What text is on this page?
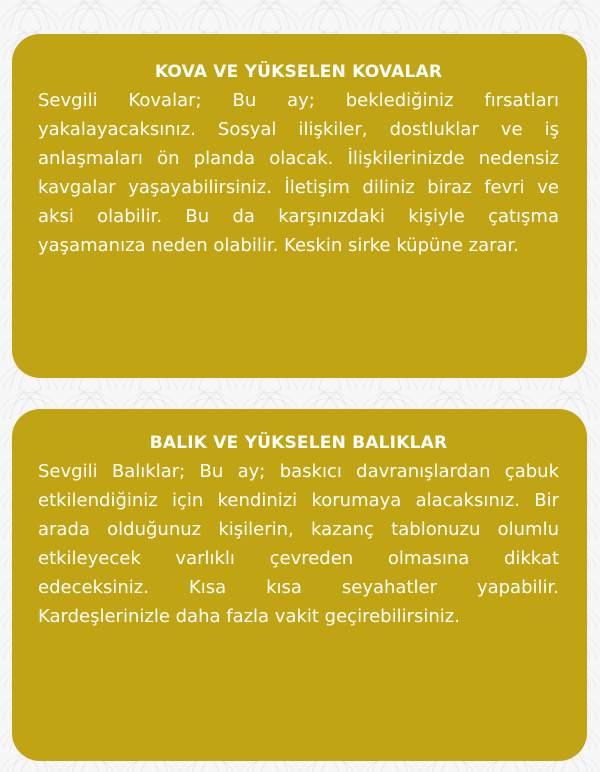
KOVA VE YÜKSELEN KOVALAR

Sevgili Kovalar; Bu ay; beklediğiniz fırsatları yakalayacaksınız. Sosyal ilişkiler, dostluklar ve iş anlaşmaları ön planda olacak. İlişkilerinizde nedensiz kavgalar yaşayabilirsiniz. İletişim diliniz biraz fevri ve aksi olabilir. Bu da karşınızdaki kişiyle çatışma yaşamanıza neden olabilir. Keskin sirke küpüne zarar.

BALIK VE YÜKSELEN BALIKLAR

Sevgili Balıklar; Bu ay; baskıcı davranışlardan çabuk etkilendiğiniz için kendinizi korumaya alacaksınız. Bir arada olduğunuz kişilerin, kazanç tablonuzu olumlu etkileyecek varlıklı çevreden olmasına dikkat edeceksiniz. Kısa kısa seyahatler yapabilir. Kardeşlerinizle daha fazla vakit geçirebilirsiniz.
